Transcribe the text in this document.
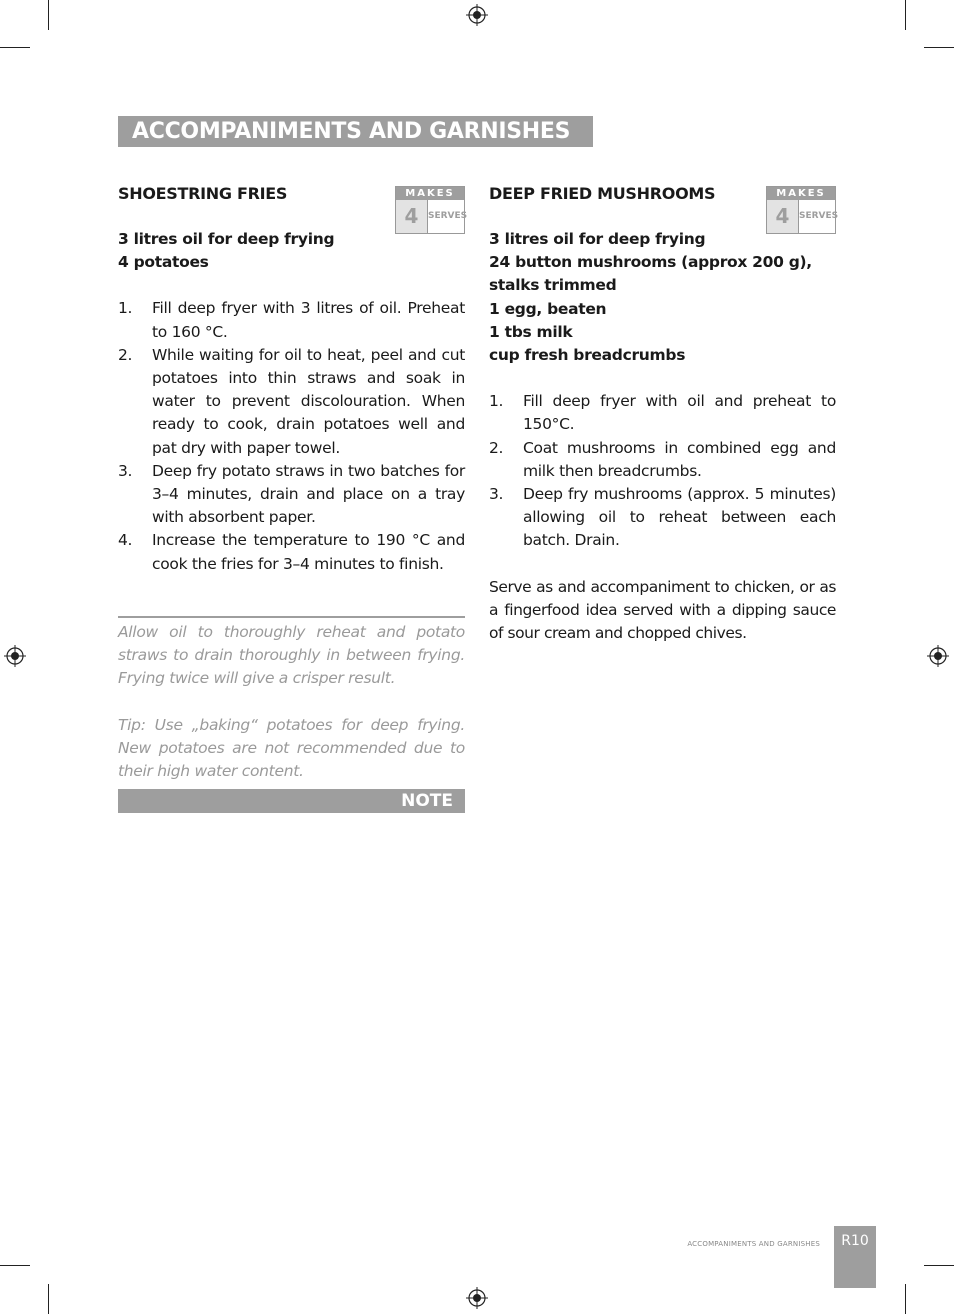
ACCOMPANIMENTS AND GARNISHES
SHOESTRING FRIES	MAKES
4	SERVES
3 litres oil for deep frying
4 potatoes
1. Fill deep fryer with 3 litres of oil. Preheat to 160 °C.
2. While waiting for oil to heat, peel and cut potatoes into thin straws and soak in water to prevent discolouration. When ready to cook, drain potatoes well and pat dry with paper towel.
3. Deep fry potato straws in two batches for 3–4 minutes, drain and place on a tray with absorbent paper.
4. Increase the temperature to 190 °C and cook the fries for 3–4 minutes to finish.

Allow oil to thoroughly reheat and potato straws to drain thoroughly in between frying. Frying twice will give a crisper result.

Tip: Use „baking“ potatoes for deep frying. New potatoes are not recommended due to their high water content.

NOTE
DEEP FRIED MUSHROOMS	MAKES
4	SERVES
3 litres oil for deep frying
24 button mushrooms (approx 200 g),
stalks trimmed
1 egg, beaten
1 tbs milk
cup fresh breadcrumbs
1. Fill deep fryer with oil and preheat to 150°C.
2. Coat mushrooms in combined egg and milk then breadcrumbs.
3. Deep fry mushrooms (approx. 5 minutes) allowing oil to reheat between each batch. Drain.
Serve as and accompaniment to chicken, or as a fingerfood idea served with a dipping sauce of sour cream and chopped chives.
ACCOMPANIMENTS AND GARNISHES	R10
